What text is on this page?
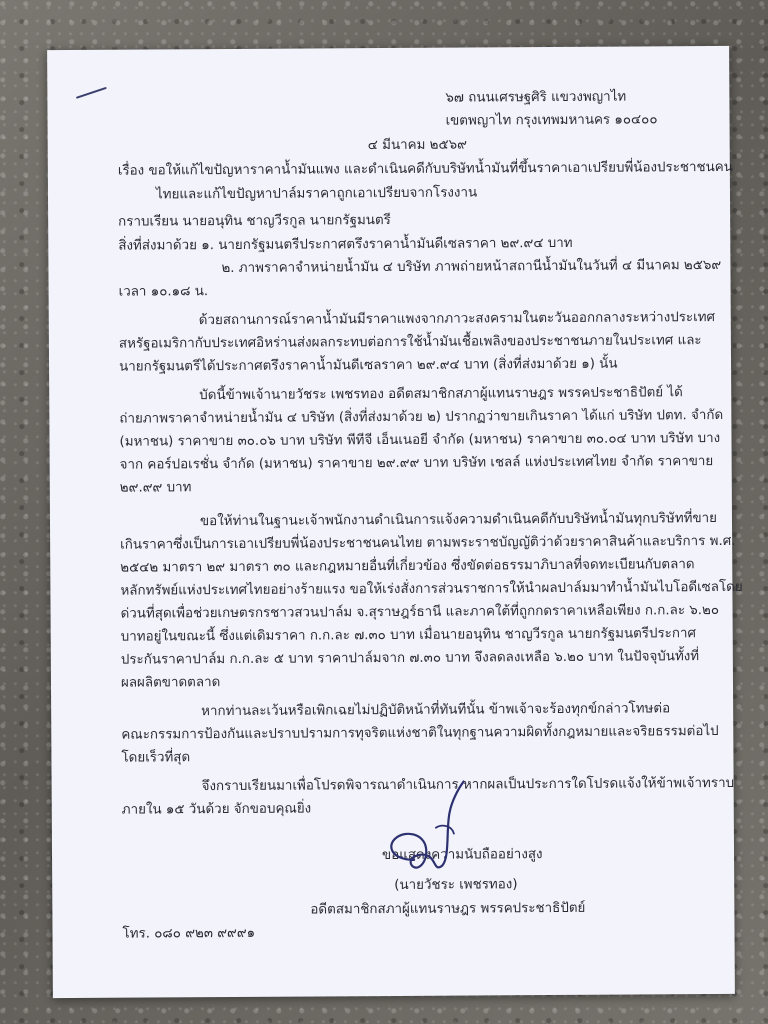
๖๗ ถนนเศรษฐศิริ แขวงพญาไท
เขตพญาไท กรุงเทพมหานคร ๑๐๔๐๐
๔ มีนาคม ๒๕๖๙
เรื่อง ขอให้แก้ไขปัญหาราคาน้ำมันแพง และดำเนินคดีกับบริษัทน้ำมันที่ขึ้นราคาเอาเปรียบพี่น้องประชาชนคน
ไทยและแก้ไขปัญหาปาล์มราคาถูกเอาเปรียบจากโรงงาน
กราบเรียน นายอนุทิน ชาญวีรกูล นายกรัฐมนตรี
สิ่งที่ส่งมาด้วย ๑. นายกรัฐมนตรีประกาศตรึงราคาน้ำมันดีเซลราคา ๒๙.๙๔ บาท
๒. ภาพราคาจำหน่ายน้ำมัน ๔ บริษัท ภาพถ่ายหน้าสถานีน้ำมันในวันที่ ๔ มีนาคม ๒๕๖๙
เวลา ๑๐.๑๘ น.
ด้วยสถานการณ์ราคาน้ำมันมีราคาแพงจากภาวะสงครามในตะวันออกกลางระหว่างประเทศ
สหรัฐอเมริกากับประเทศอิหร่านส่งผลกระทบต่อการใช้น้ำมันเชื้อเพลิงของประชาชนภายในประเทศ และ
นายกรัฐมนตรีได้ประกาศตรึงราคาน้ำมันดีเซลราคา ๒๙.๙๔ บาท (สิ่งที่ส่งมาด้วย ๑) นั้น
บัดนี้ข้าพเจ้านายวัชระ เพชรทอง อดีตสมาชิกสภาผู้แทนราษฎร พรรคประชาธิปัตย์ ได้
ถ่ายภาพราคาจำหน่ายน้ำมัน ๔ บริษัท (สิ่งที่ส่งมาด้วย ๒) ปรากฏว่าขายเกินราคา ได้แก่ บริษัท ปตท. จำกัด
(มหาชน) ราคาขาย ๓๐.๐๖ บาท บริษัท พีทีจี เอ็นเนอยี จำกัด (มหาชน) ราคาขาย ๓๐.๐๔ บาท บริษัท บาง
จาก คอร์ปอเรชั่น จำกัด (มหาชน) ราคาขาย ๒๙.๙๙ บาท บริษัท เชลล์ แห่งประเทศไทย จำกัด ราคาขาย
๒๙.๙๙ บาท
ขอให้ท่านในฐานะเจ้าพนักงานดำเนินการแจ้งความดำเนินคดีกับบริษัทน้ำมันทุกบริษัทที่ขาย
เกินราคาซึ่งเป็นการเอาเปรียบพี่น้องประชาชนคนไทย ตามพระราชบัญญัติว่าด้วยราคาสินค้าและบริการ พ.ศ.
๒๕๔๒ มาตรา ๒๙ มาตรา ๓๐ และกฎหมายอื่นที่เกี่ยวข้อง ซึ่งขัดต่อธรรมาภิบาลที่จดทะเบียนกับตลาด
หลักทรัพย์แห่งประเทศไทยอย่างร้ายแรง ขอให้เร่งสั่งการส่วนราชการให้นำผลปาล์มมาทำน้ำมันไบโอดีเซลโดย
ด่วนที่สุดเพื่อช่วยเกษตรกรชาวสวนปาล์ม จ.สุราษฎร์ธานี และภาคใต้ที่ถูกกดราคาเหลือเพียง ก.ก.ละ ๖.๒๐
บาทอยู่ในขณะนี้ ซึ่งแต่เดิมราคา ก.ก.ละ ๗.๓๐ บาท เมื่อนายอนุทิน ชาญวีรกูล นายกรัฐมนตรีประกาศ
ประกันราคาปาล์ม ก.ก.ละ ๕ บาท ราคาปาล์มจาก ๗.๓๐ บาท จึงลดลงเหลือ ๖.๒๐ บาท ในปัจจุบันทั้งที่
ผลผลิตขาดตลาด
หากท่านละเว้นหรือเพิกเฉยไม่ปฏิบัติหน้าที่ทันทีนั้น ข้าพเจ้าจะร้องทุกข์กล่าวโทษต่อ
คณะกรรมการป้องกันและปราบปรามการทุจริตแห่งชาติในทุกฐานความผิดทั้งกฎหมายและจริยธรรมต่อไป
โดยเร็วที่สุด
จึงกราบเรียนมาเพื่อโปรดพิจารณาดำเนินการ หากผลเป็นประการใดโปรดแจ้งให้ข้าพเจ้าทราบ
ภายใน ๑๕ วันด้วย จักขอบคุณยิ่ง
ขอแสดงความนับถืออย่างสูง
(นายวัชระ เพชรทอง)
อดีตสมาชิกสภาผู้แทนราษฎร พรรคประชาธิปัตย์
โทร. ๐๘๐ ๙๒๓ ๙๙๙๑
